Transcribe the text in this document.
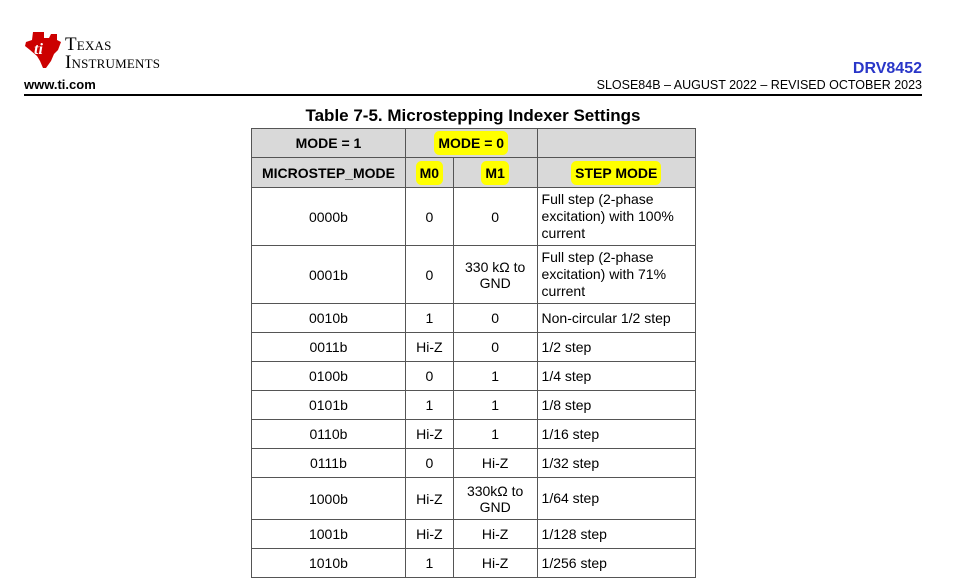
ti Texas
Instruments
www.ti.com
DRV8452
SLOSE84B – AUGUST 2022 – REVISED OCTOBER 2023
Table 7-5. Microstepping Indexer Settings
MODE = 1	MODE = 0		
MICROSTEP_MODE	M0	M1	STEP MODE
0000b	0	0	Full step (2-phase excitation) with 100% current
0001b	0	330 kΩ to GND	Full step (2-phase excitation) with 71% current
0010b	1	0	Non-circular 1/2 step
0011b	Hi-Z	0	1/2 step
0100b	0	1	1/4 step
0101b	1	1	1/8 step
0110b	Hi-Z	1	1/16 step
0111b	0	Hi-Z	1/32 step
1000b	Hi-Z	330kΩ to GND	1/64 step
1001b	Hi-Z	Hi-Z	1/128 step
1010b	1	Hi-Z	1/256 step
